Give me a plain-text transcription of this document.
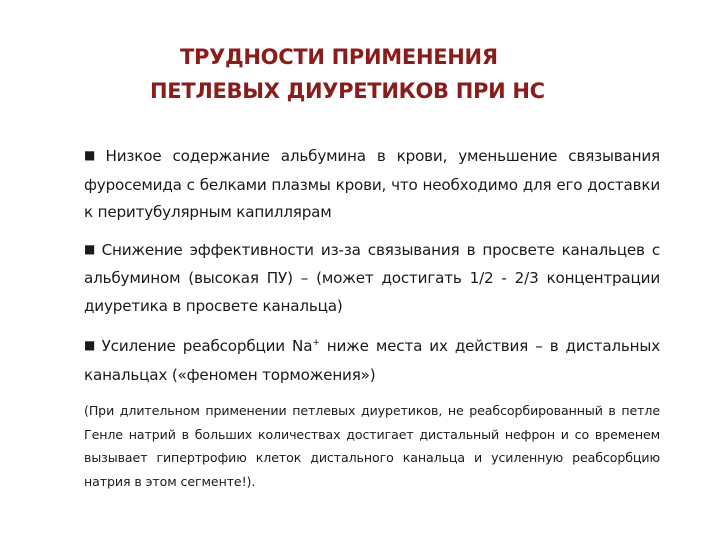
ТРУДНОСТИ ПРИМЕНЕНИЯ
ПЕТЛЕВЫХ ДИУРЕТИКОВ ПРИ НС

■ Низкое содержание альбумина в крови, уменьшение связывания фуросемида с белками плазмы крови, что необходимо для его доставки к перитубулярным капиллярам

■ Снижение эффективности из-за связывания в просвете канальцев с альбумином (высокая ПУ) – (может достигать 1/2 - 2/3 концентрации диуретика в просвете канальца)

■ Усиление реабсорбции Na+ ниже места их действия – в дистальных канальцах («феномен торможения»)

(При длительном применении петлевых диуретиков, не реабсорбированный в петле Генле натрий в больших количествах достигает дистальный нефрон и со временем вызывает гипертрофию клеток дистального канальца и усиленную реабсорбцию натрия в этом сегменте!).
